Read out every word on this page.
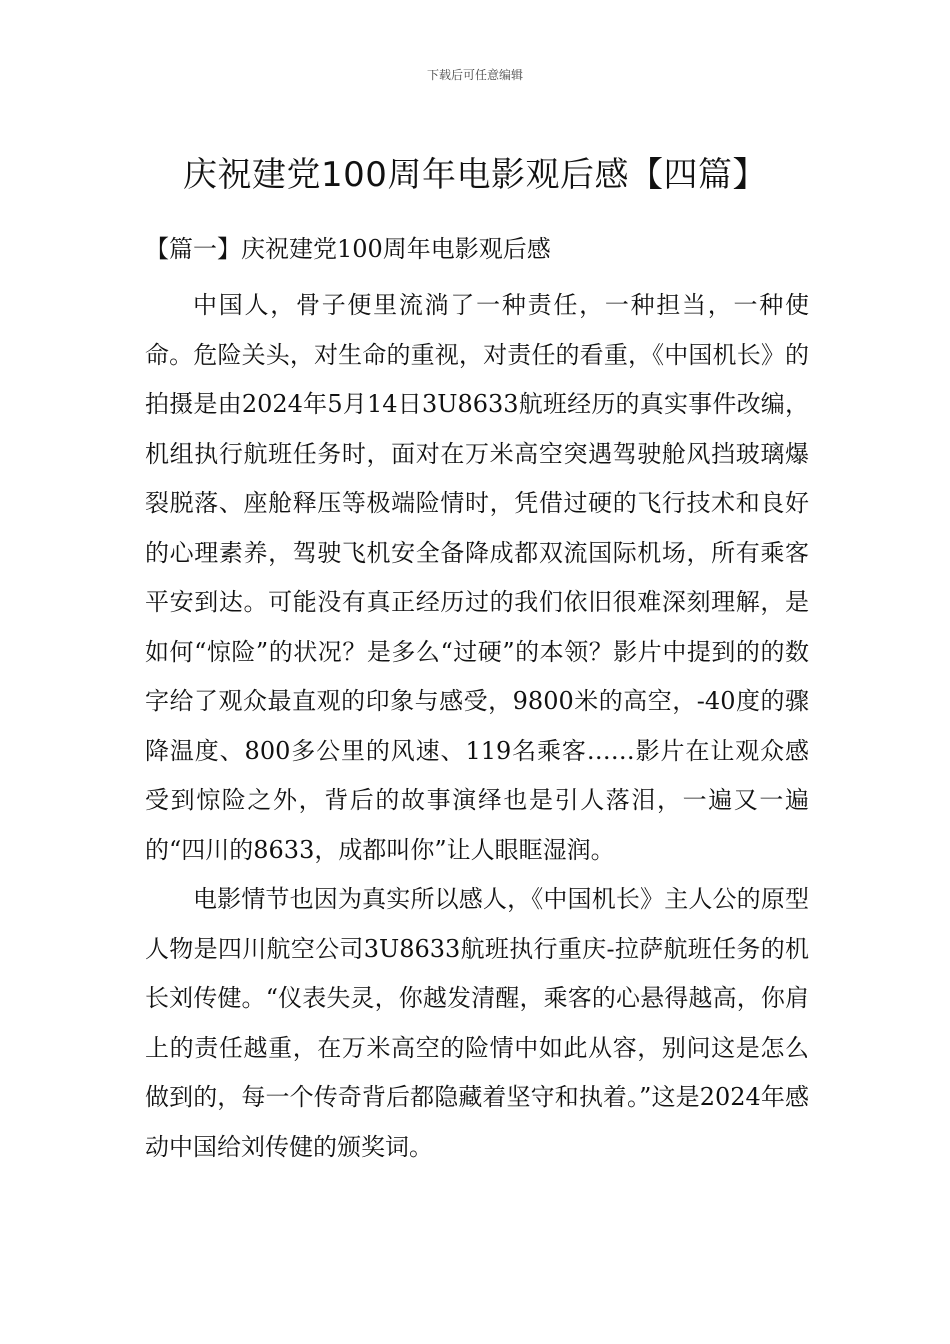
下载后可任意编辑
庆祝建党100周年电影观后感【四篇】
【篇一】庆祝建党100周年电影观后感

中国人，骨子便里流淌了一种责任，一种担当，一种使命。危险关头，对生命的重视，对责任的看重，《中国机长》的拍摄是由2024年5月14日3U8633航班经历的真实事件改编，机组执行航班任务时，面对在万米高空突遇驾驶舱风挡玻璃爆裂脱落、座舱释压等极端险情时，凭借过硬的飞行技术和良好的心理素养，驾驶飞机安全备降成都双流国际机场，所有乘客平安到达。可能没有真正经历过的我们依旧很难深刻理解，是如何“惊险”的状况？是多么“过硬”的本领？影片中提到的的数字给了观众最直观的印象与感受，9800米的高空，-40度的骤降温度、800多公里的风速、119名乘客……影片在让观众感受到惊险之外，背后的故事演绎也是引人落泪，一遍又一遍的“四川的8633，成都叫你”让人眼眶湿润。

电影情节也因为真实所以感人，《中国机长》主人公的原型人物是四川航空公司3U8633航班执行重庆-拉萨航班任务的机长刘传健。“仪表失灵，你越发清醒，乘客的心悬得越高，你肩上的责任越重，在万米高空的险情中如此从容，别问这是怎么做到的，每一个传奇背后都隐藏着坚守和执着。”这是2024年感动中国给刘传健的颁奖词。
